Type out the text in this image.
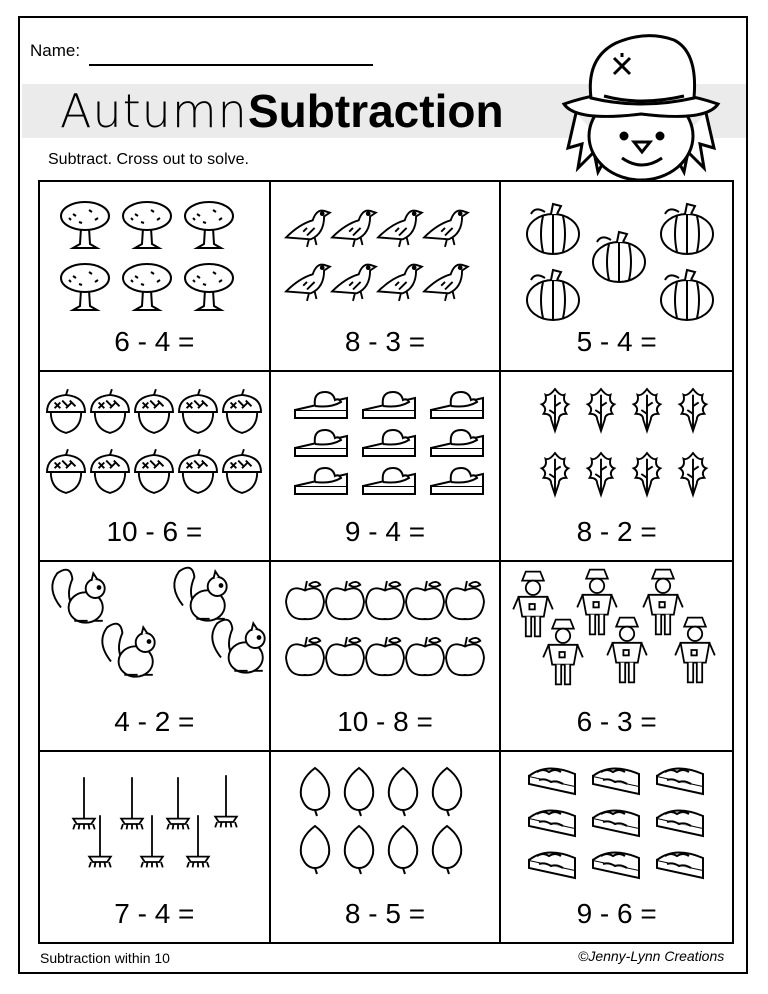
Name:
Autumn Subtraction
Subtract. Cross out to solve.
6 - 4 =	8 - 3 =	5 - 4 =
10 - 6 =	9 - 4 =	8 - 2 =
4 - 2 =	10 - 8 =	6 - 3 =
7 - 4 =	8 - 5 =	9 - 6 =
Subtraction within 10	©Jenny-Lynn Creations
